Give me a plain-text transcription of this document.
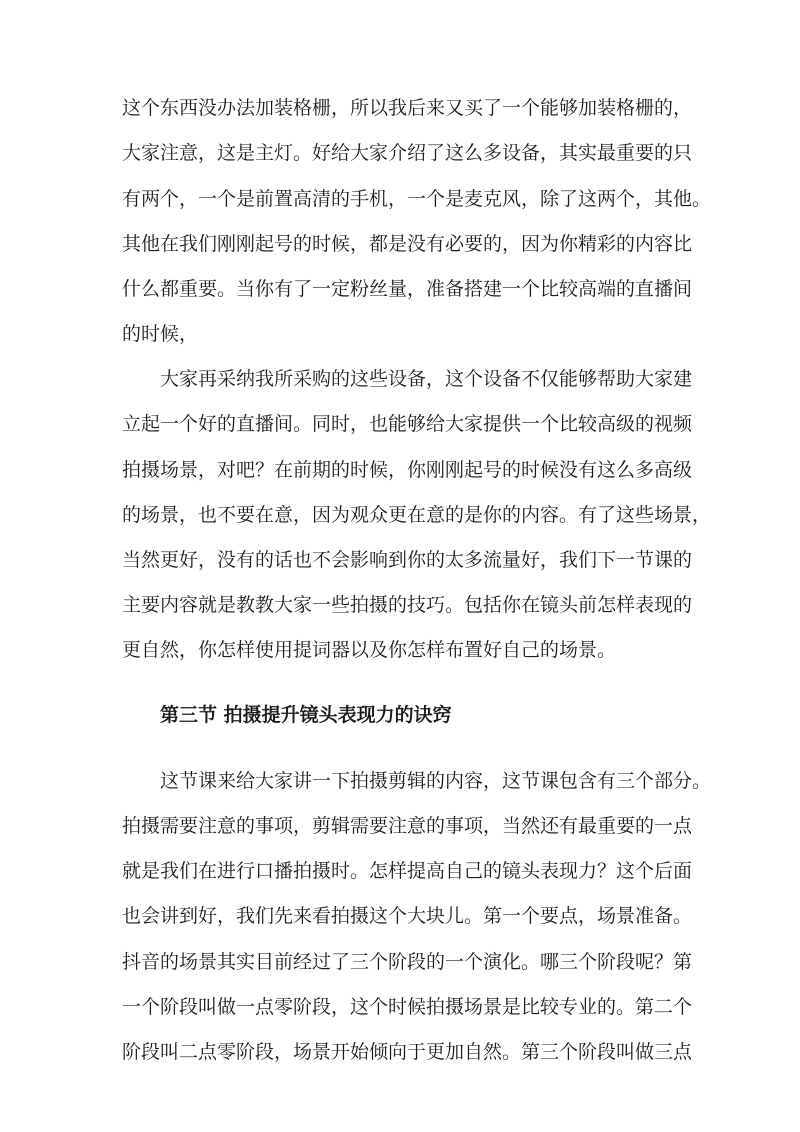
这个东西没办法加装格栅，所以我后来又买了一个能够加装格栅的，
大家注意，这是主灯。好给大家介绍了这么多设备，其实最重要的只
有两个，一个是前置高清的手机，一个是麦克风，除了这两个，其他。
其他在我们刚刚起号的时候，都是没有必要的，因为你精彩的内容比
什么都重要。当你有了一定粉丝量，准备搭建一个比较高端的直播间
的时候，
大家再采纳我所采购的这些设备，这个设备不仅能够帮助大家建
立起一个好的直播间。同时，也能够给大家提供一个比较高级的视频
拍摄场景，对吧？在前期的时候，你刚刚起号的时候没有这么多高级
的场景，也不要在意，因为观众更在意的是你的内容。有了这些场景，
当然更好，没有的话也不会影响到你的太多流量好，我们下一节课的
主要内容就是教教大家一些拍摄的技巧。包括你在镜头前怎样表现的
更自然，你怎样使用提词器以及你怎样布置好自己的场景。
第三节 拍摄提升镜头表现力的诀窍
这节课来给大家讲一下拍摄剪辑的内容，这节课包含有三个部分。
拍摄需要注意的事项，剪辑需要注意的事项，当然还有最重要的一点
就是我们在进行口播拍摄时。怎样提高自己的镜头表现力？这个后面
也会讲到好，我们先来看拍摄这个大块儿。第一个要点，场景准备。
抖音的场景其实目前经过了三个阶段的一个演化。哪三个阶段呢？第
一个阶段叫做一点零阶段，这个时候拍摄场景是比较专业的。第二个
阶段叫二点零阶段，场景开始倾向于更加自然。第三个阶段叫做三点
